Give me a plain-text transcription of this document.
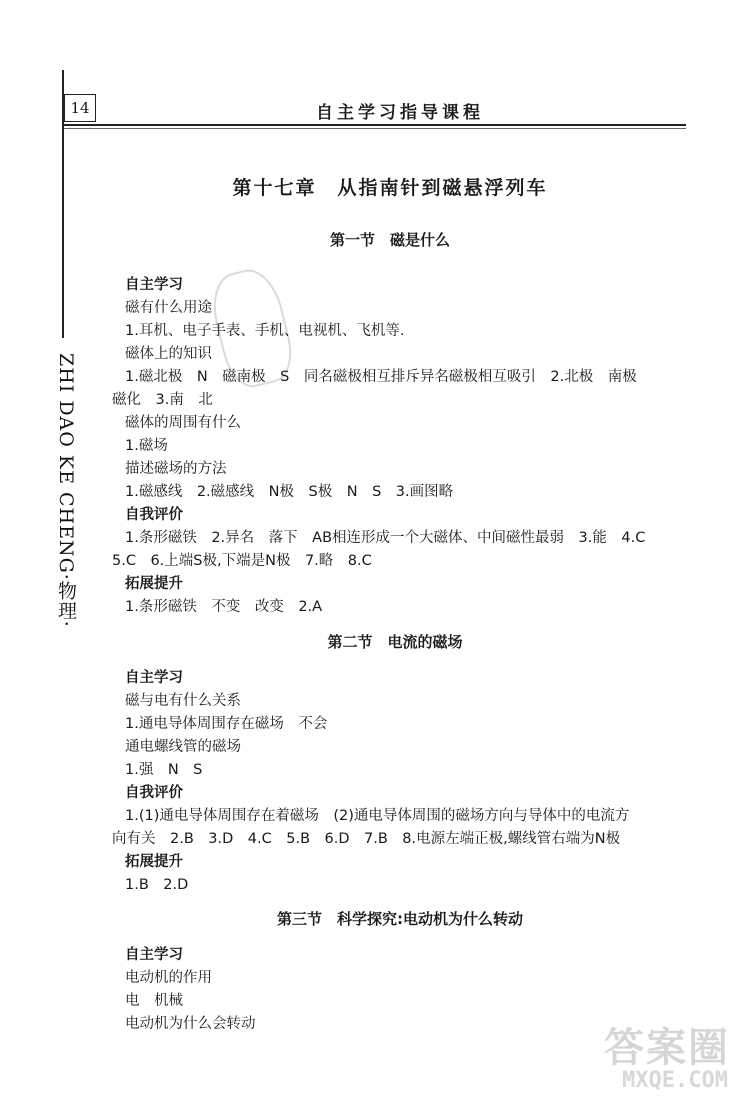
14	自主学习指导课程
ZHI DAO KE CHENG·物理·
第十七章　从指南针到磁悬浮列车
第一节　磁是什么
自主学习
磁有什么用途
1.耳机、电子手表、手机、电视机、飞机等.
磁体上的知识
1.磁北极　N　磁南极　S　同名磁极相互排斥异名磁极相互吸引　2.北极　南极
磁化　3.南　北
磁体的周围有什么
1.磁场
描述磁场的方法
1.磁感线　2.磁感线　N极　S极　N　S　3.画图略
自我评价
1.条形磁铁　2.异名　落下　AB相连形成一个大磁体、中间磁性最弱　3.能　4.C
5.C　6.上端S极,下端是N极　7.略　8.C
拓展提升
1.条形磁铁　不变　改变　2.A
第二节　电流的磁场
自主学习
磁与电有什么关系
1.通电导体周围存在磁场　不会
通电螺线管的磁场
1.强　N　S
自我评价
1.(1)通电导体周围存在着磁场　(2)通电导体周围的磁场方向与导体中的电流方
向有关　2.B　3.D　4.C　5.B　6.D　7.B　8.电源左端正极,螺线管右端为N极
拓展提升
1.B　2.D
第三节　科学探究:电动机为什么转动
自主学习
电动机的作用
电　机械
电动机为什么会转动
答案圈
MXQE.COM
